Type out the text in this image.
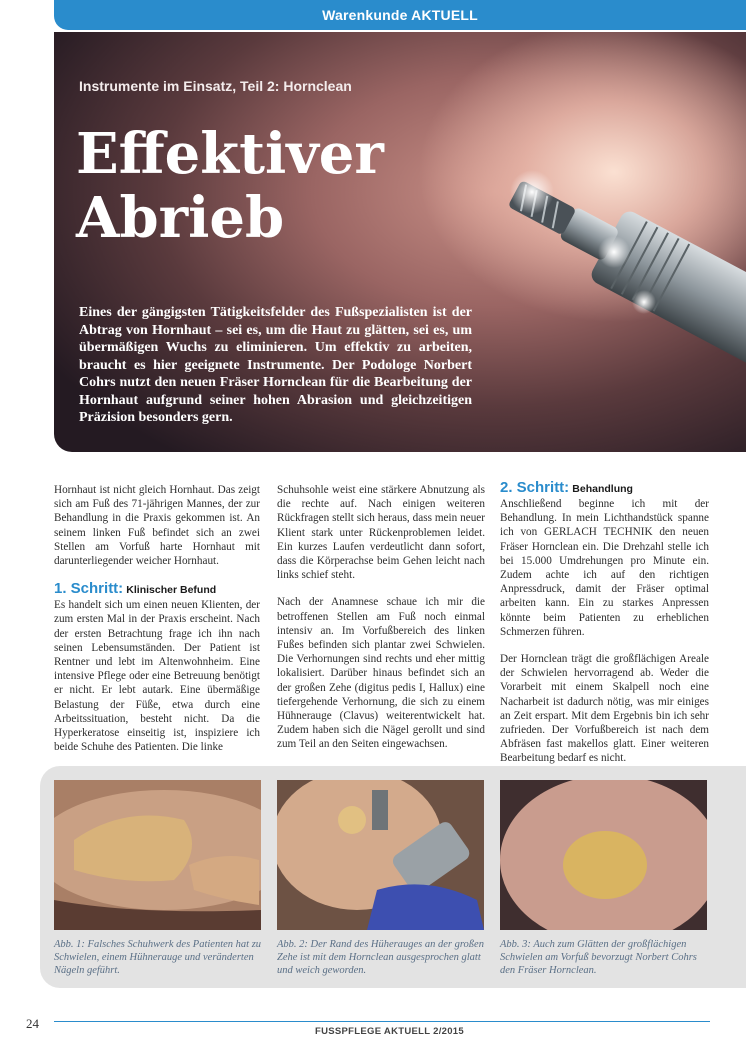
Warenkunde AKTUELL
Instrumente im Einsatz, Teil 2: Hornclean
Effektiver
Abrieb
Eines der gängigsten Tätigkeitsfelder des Fußspezialisten ist der Abtrag von Hornhaut – sei es, um die Haut zu glätten, sei es, um übermäßigen Wuchs zu eliminieren. Um effektiv zu arbeiten, braucht es hier geeignete Instrumente. Der Podologe Norbert Cohrs nutzt den neuen Fräser Hornclean für die Bearbeitung der Hornhaut aufgrund seiner hohen Abrasion und gleichzeitigen Präzision besonders gern.

Hornhaut ist nicht gleich Hornhaut. Das zeigt sich am Fuß des 71-jährigen Mannes, der zur Behandlung in die Praxis gekommen ist. An seinem linken Fuß befindet sich an zwei Stellen am Vorfuß harte Hornhaut mit darunterliegender weicher Hornhaut.

1. Schritt: Klinischer Befund

Es handelt sich um einen neuen Klienten, der zum ersten Mal in der Praxis erscheint. Nach der ersten Betrachtung frage ich ihn nach seinen Lebensumständen. Der Patient ist Rentner und lebt im Altenwohnheim. Eine intensive Pflege oder eine Betreuung benötigt er nicht. Er lebt autark. Eine übermäßige Belastung der Füße, etwa durch eine Arbeitssituation, besteht nicht. Da die Hyperkeratose einseitig ist, inspiziere ich beide Schuhe des Patienten. Die linke

Schuhsohle weist eine stärkere Abnutzung als die rechte auf. Nach einigen weiteren Rückfragen stellt sich heraus, dass mein neuer Klient stark unter Rückenproblemen leidet. Ein kurzes Laufen verdeutlicht dann sofort, dass die Körperachse beim Gehen leicht nach links schief steht.

Nach der Anamnese schaue ich mir die betroffenen Stellen am Fuß noch einmal intensiv an. Im Vorfußbereich des linken Fußes befinden sich plantar zwei Schwielen. Die Verhornungen sind rechts und eher mittig lokalisiert. Darüber hinaus befindet sich an der großen Zehe (digitus pedis I, Hallux) eine tiefergehende Verhornung, die sich zu einem Hühnerauge (Clavus) weiterentwickelt hat. Zudem haben sich die Nägel gerollt und sind zum Teil an den Seiten eingewachsen.

2. Schritt: Behandlung

Anschließend beginne ich mit der Behandlung. In mein Lichthandstück spanne ich von GERLACH TECHNIK den neuen Fräser Hornclean ein. Die Drehzahl stelle ich bei 15.000 Umdrehungen pro Minute ein. Zudem achte ich auf den richtigen Anpressdruck, damit der Fräser optimal arbeiten kann. Ein zu starkes Anpressen könnte beim Patienten zu erheblichen Schmerzen führen.

Der Hornclean trägt die großflächigen Areale der Schwielen hervorragend ab. Weder die Vorarbeit mit einem Skalpell noch eine Nacharbeit ist dadurch nötig, was mir einiges an Zeit erspart. Mit dem Ergebnis bin ich sehr zufrieden. Der Vorfußbereich ist nach dem Abfräsen fast makellos glatt. Einer weiteren Bearbeitung bedarf es nicht.

Abb. 1: Falsches Schuhwerk des Patienten hat zu Schwielen, einem Hühnerauge und veränderten Nägeln geführt.
Abb. 2: Der Rand des Hüherauges an der großen Zehe ist mit dem Hornclean ausgesprochen glatt und weich geworden.
Abb. 3: Auch zum Glätten der großflächigen Schwielen am Vorfuß bevorzugt Norbert Cohrs den Fräser Hornclean.
24
FUSSPFLEGE AKTUELL 2/2015
